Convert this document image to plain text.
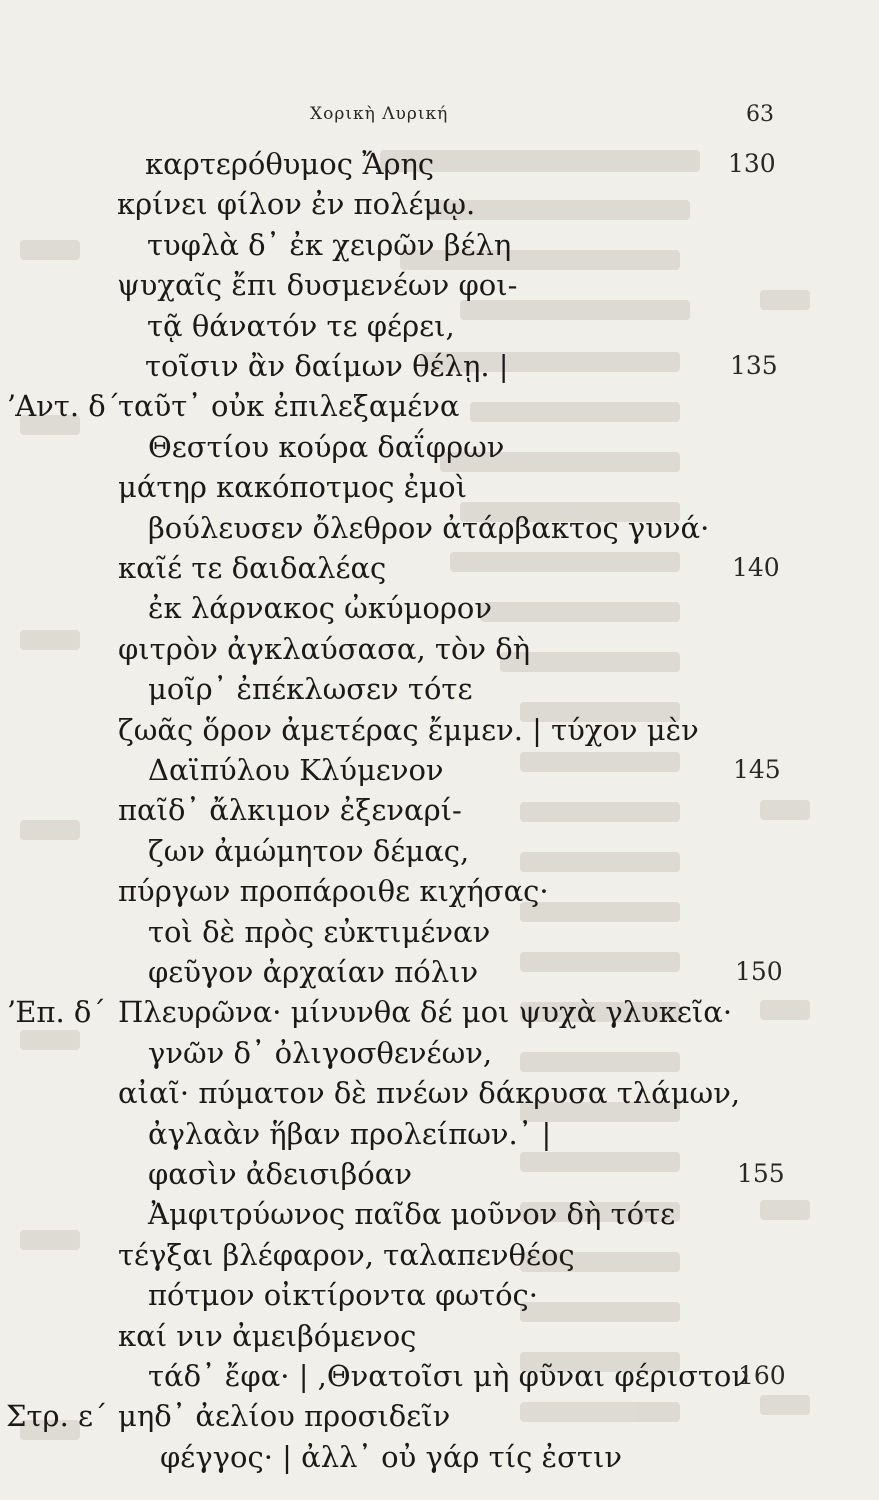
Χορικὴ Λυρική	63
καρτερόθυμος Ἄρης
κρίνει φίλον ἐν πολέμῳ.
τυφλὰ δ᾽ ἐκ χειρῶν βέλη
ψυχαῖς ἔπι δυσμενέων φοι-
τᾷ θάνατόν τε φέρει,
τοῖσιν ἂν δαίμων θέλῃ. |
ταῦτ᾽ οὐκ ἐπιλεξαμένα
Θεστίου κούρα δαΐφρων
μάτηρ κακόποτμος ἐμοὶ
βούλευσεν ὄλεθρον ἀτάρβακτος γυνά·
καῖέ τε δαιδαλέας
ἐκ λάρνακος ὠκύμορον
φιτρὸν ἀγκλαύσασα, τὸν δὴ
μοῖρ᾽ ἐπέκλωσεν τότε
ζωᾶς ὅρον ἀμετέρας ἔμμεν. | τύχον μὲν
Δαϊπύλου Κλύμενον
παῖδ᾽ ἄλκιμον ἐξεναρί-
ζων ἀμώμητον δέμας,
πύργων προπάροιθε κιχήσας·
τοὶ δὲ πρὸς εὐκτιμέναν
φεῦγον ἀρχαίαν πόλιν
Πλευρῶνα· μίνυνθα δέ μοι ψυχὰ γλυκεῖα·
γνῶν δ᾽ ὀλιγοσθενέων,
αἰαῖ· πύματον δὲ πνέων δάκρυσα τλάμων,
ἀγλαὰν ἥβαν προλείπων.᾽ |
φασὶν ἀδεισιβόαν
Ἀμφιτρύωνος παῖδα μοῦνον δὴ τότε
τέγξαι βλέφαρον, ταλαπενθέος
πότμον οἰκτίροντα φωτός·
καί νιν ἀμειβόμενος
τάδ᾽ ἔφα· | ,Θνατοῖσι μὴ φῦναι φέριστον
μηδ᾽ ἀελίου προσιδεῖν
φέγγος· | ἀλλ᾽ οὐ γάρ τίς ἐστιν
ʼΑντ. δ΄
ʼΕπ. δ΄
Στρ. ε΄
130
135
140
145
150
155
160
